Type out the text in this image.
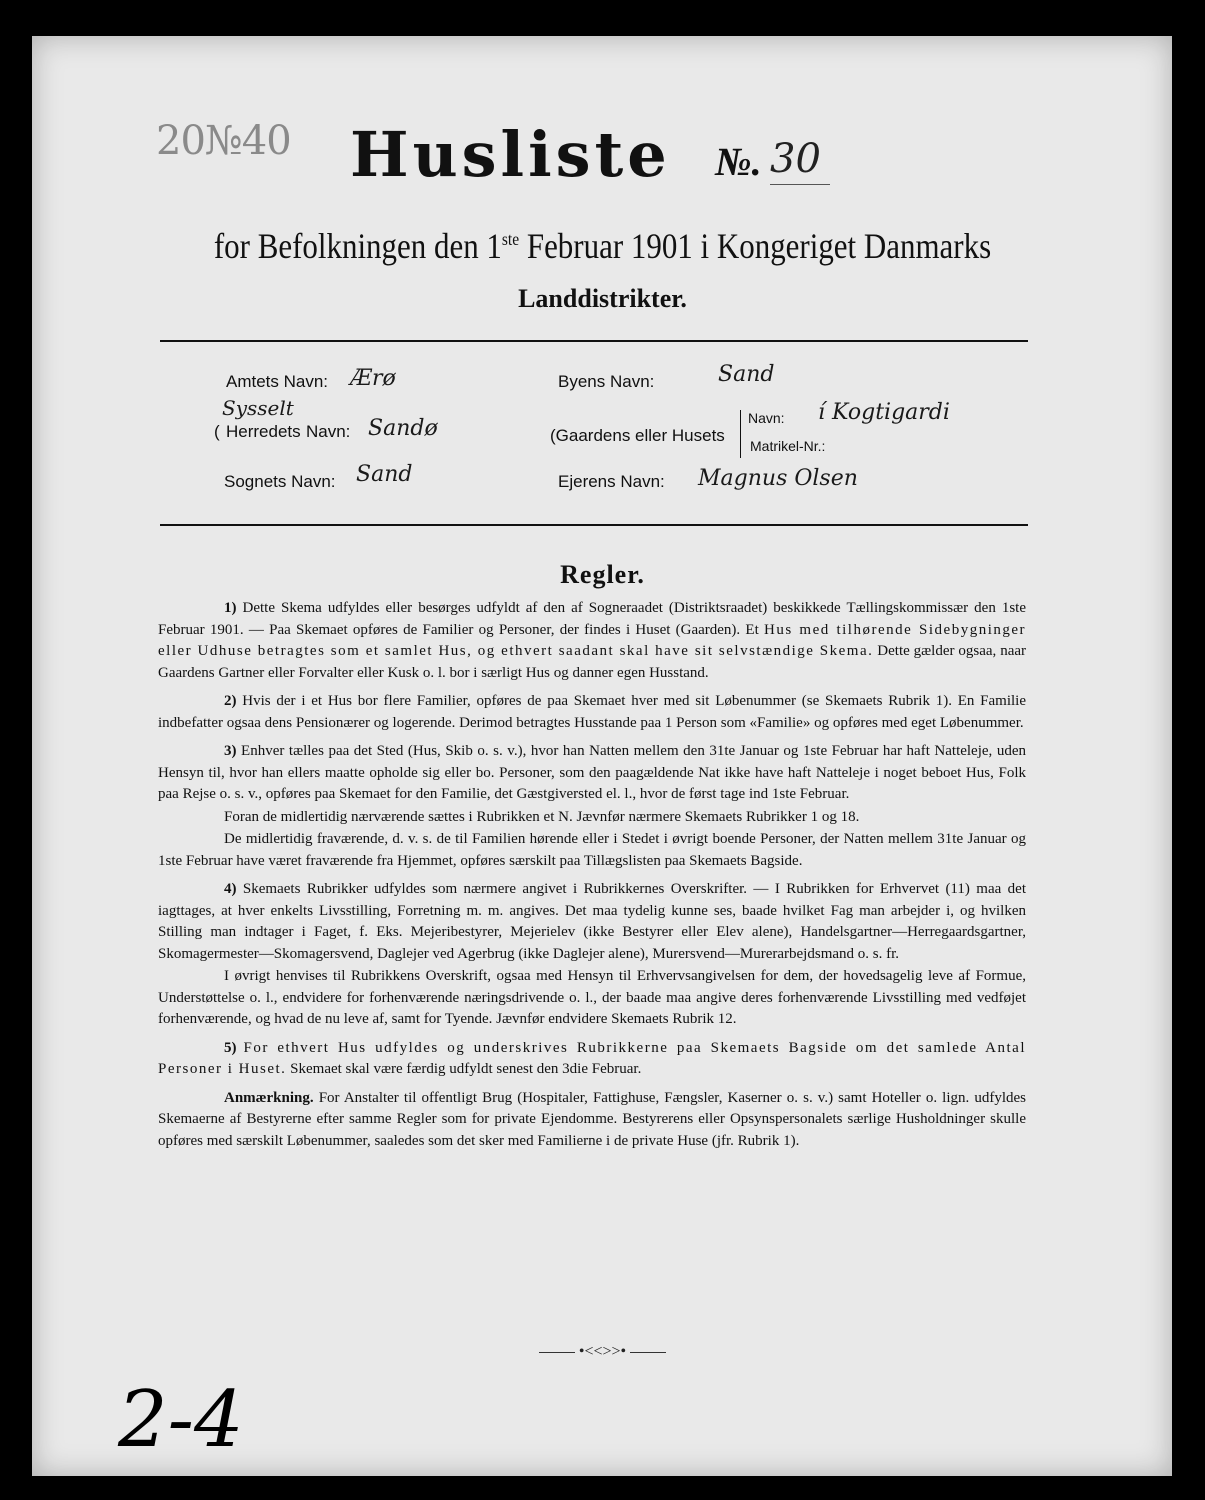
20№40 Husliste №. 30
for Befolkningen den 1ste Februar 1901 i Kongeriget Danmarks
Landdistrikter.
Amtets Navn: Ærø
Sysselt
( Herredets Navn: Sandø
Sognets Navn: Sand
Byens Navn:	Sand
(Gaardens eller Husets
Navn: í Kogtigardi
Matrikel-Nr.:
Ejerens Navn: Magnus Olsen
Regler.

1) Dette Skema udfyldes eller besørges udfyldt af den af Sogneraadet (Distriktsraadet) beskikkede Tællingskommissær den 1ste Februar 1901. — Paa Skemaet opføres de Familier og Personer, der findes i Huset (Gaarden). Et Hus med tilhørende Sidebygninger eller Udhuse betragtes som et samlet Hus, og ethvert saadant skal have sit selvstændige Skema. Dette gælder ogsaa, naar Gaardens Gartner eller Forvalter eller Kusk o. l. bor i særligt Hus og danner egen Husstand.

2) Hvis der i et Hus bor flere Familier, opføres de paa Skemaet hver med sit Løbenummer (se Skemaets Rubrik 1). En Familie indbefatter ogsaa dens Pensionærer og logerende. Derimod betragtes Husstande paa 1 Person som «Familie» og opføres med eget Løbenummer.

3) Enhver tælles paa det Sted (Hus, Skib o. s. v.), hvor han Natten mellem den 31te Januar og 1ste Februar har haft Natteleje, uden Hensyn til, hvor han ellers maatte opholde sig eller bo. Personer, som den paagældende Nat ikke have haft Natteleje i noget beboet Hus, Folk paa Rejse o. s. v., opføres paa Skemaet for den Familie, det Gæstgiversted el. l., hvor de først tage ind 1ste Februar.

Foran de midlertidig nærværende sættes i Rubrikken et N. Jævnfør nærmere Skemaets Rubrikker 1 og 18.

De midlertidig fraværende, d. v. s. de til Familien hørende eller i Stedet i øvrigt boende Personer, der Natten mellem 31te Januar og 1ste Februar have været fraværende fra Hjemmet, opføres særskilt paa Tillægslisten paa Skemaets Bagside.

4) Skemaets Rubrikker udfyldes som nærmere angivet i Rubrikkernes Overskrifter. — I Rubrikken for Erhvervet (11) maa det iagttages, at hver enkelts Livsstilling, Forretning m. m. angives. Det maa tydelig kunne ses, baade hvilket Fag man arbejder i, og hvilken Stilling man indtager i Faget, f. Eks. Mejeribestyrer, Mejerielev (ikke Bestyrer eller Elev alene), Handelsgartner—Herregaardsgartner, Skomagermester—Skomagersvend, Daglejer ved Agerbrug (ikke Daglejer alene), Murersvend—Murerarbejdsmand o. s. fr.

I øvrigt henvises til Rubrikkens Overskrift, ogsaa med Hensyn til Erhvervsangivelsen for dem, der hovedsagelig leve af Formue, Understøttelse o. l., endvidere for forhenværende næringsdrivende o. l., der baade maa angive deres forhenværende Livsstilling med vedføjet forhenværende, og hvad de nu leve af, samt for Tyende. Jævnfør endvidere Skemaets Rubrik 12.

5) For ethvert Hus udfyldes og underskrives Rubrikkerne paa Skemaets Bagside om det samlede Antal Personer i Huset. Skemaet skal være færdig udfyldt senest den 3die Februar.

Anmærkning. For Anstalter til offentligt Brug (Hospitaler, Fattighuse, Fængsler, Kaserner o. s. v.) samt Hoteller o. lign. udfyldes Skemaerne af Bestyrerne efter samme Regler som for private Ejendomme. Bestyrerens eller Opsynspersonalets særlige Husholdninger skulle opføres med særskilt Løbenummer, saaledes som det sker med Familierne i de private Huse (jfr. Rubrik 1).

•<<>>•
2-4
